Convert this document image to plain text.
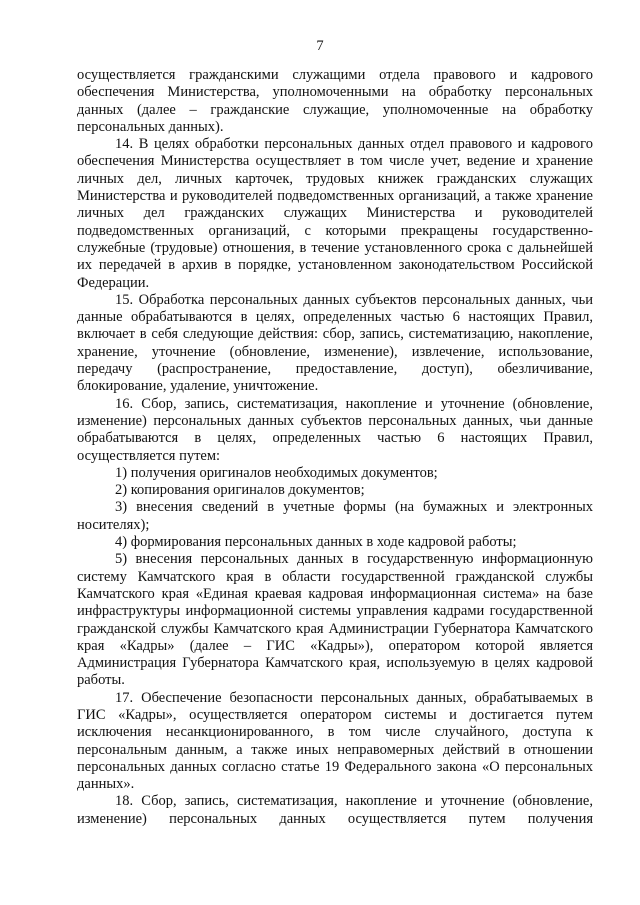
7

осуществляется гражданскими служащими отдела правового и кадрового обеспечения Министерства, уполномоченными на обработку персональных данных (далее – гражданские служащие, уполномоченные на обработку персональных данных).

14. В целях обработки персональных данных отдел правового и кадрового обеспечения Министерства осуществляет в том числе учет, ведение и хранение личных дел, личных карточек, трудовых книжек гражданских служащих Министерства и руководителей подведомственных организаций, а также хранение личных дел гражданских служащих Министерства и руководителей подведомственных организаций, с которыми прекращены государственно-служебные (трудовые) отношения, в течение установленного срока с дальнейшей их передачей в архив в порядке, установленном законодательством Российской Федерации.

15. Обработка персональных данных субъектов персональных данных, чьи данные обрабатываются в целях, определенных частью 6 настоящих Правил, включает в себя следующие действия: сбор, запись, систематизацию, накопление, хранение, уточнение (обновление, изменение), извлечение, использование, передачу (распространение, предоставление, доступ), обезличивание, блокирование, удаление, уничтожение.

16. Сбор, запись, систематизация, накопление и уточнение (обновление, изменение) персональных данных субъектов персональных данных, чьи данные обрабатываются в целях, определенных частью 6 настоящих Правил, осуществляется путем:

1) получения оригиналов необходимых документов;

2) копирования оригиналов документов;

3) внесения сведений в учетные формы (на бумажных и электронных носителях);

4) формирования персональных данных в ходе кадровой работы;

5) внесения персональных данных в государственную информационную систему Камчатского края в области государственной гражданской службы Камчатского края «Единая краевая кадровая информационная система» на базе инфраструктуры информационной системы управления кадрами государственной гражданской службы Камчатского края Администрации Губернатора Камчатского края «Кадры» (далее – ГИС «Кадры»), оператором которой является Администрация Губернатора Камчатского края, используемую в целях кадровой работы.

17. Обеспечение безопасности персональных данных, обрабатываемых в ГИС «Кадры», осуществляется оператором системы и достигается путем исключения несанкционированного, в том числе случайного, доступа к персональным данным, а также иных неправомерных действий в отношении персональных данных согласно статье 19 Федерального закона «О персональных данных».

18. Сбор, запись, систематизация, накопление и уточнение (обновление, изменение) персональных данных осуществляется путем получения
